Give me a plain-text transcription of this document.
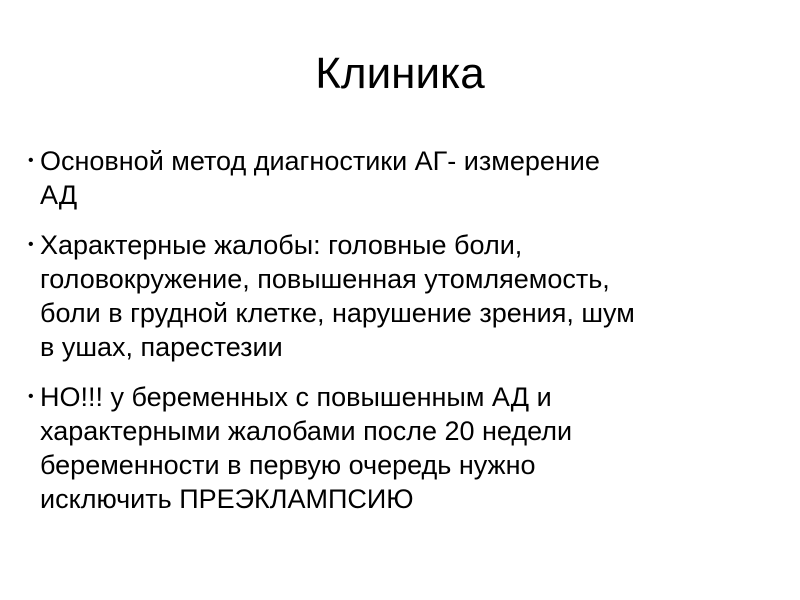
Клиника
• Основной метод диагностики АГ- измерение
АД
• Характерные жалобы: головные боли,
головокружение, повышенная утомляемость,
боли в грудной клетке, нарушение зрения, шум
в ушах, парестезии
• НО!!! у беременных с повышенным АД и
характерными жалобами после 20 недели
беременности в первую очередь нужно
исключить ПРЕЭКЛАМПСИЮ
